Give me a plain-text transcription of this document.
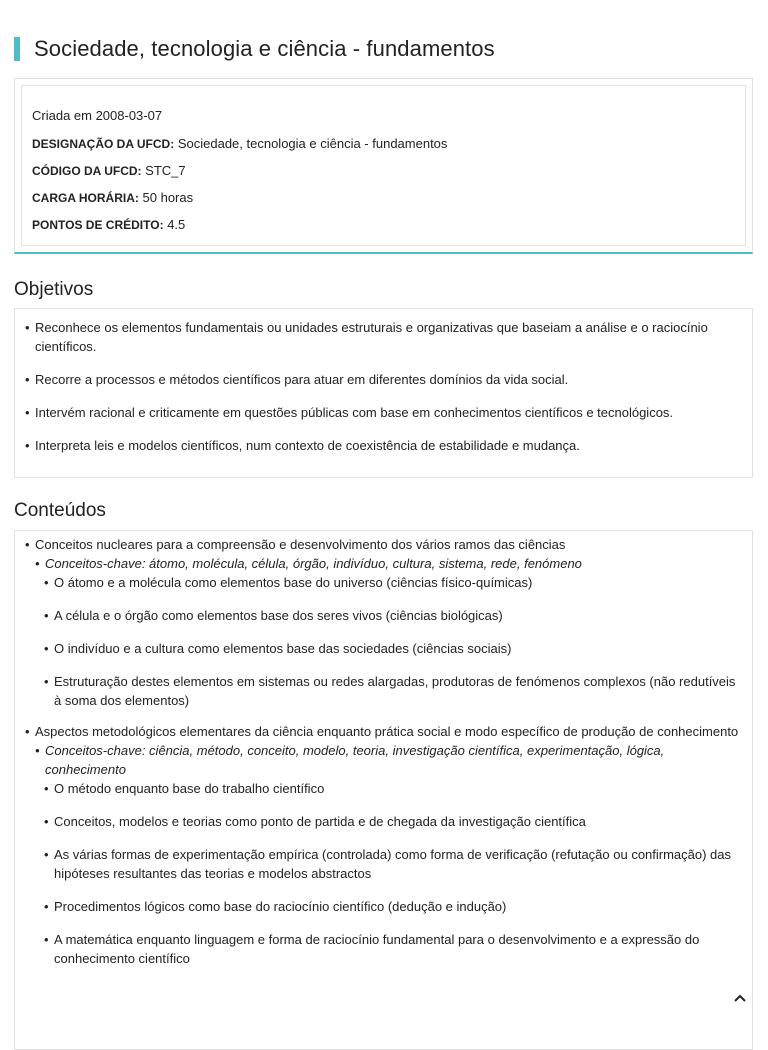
Sociedade, tecnologia e ciência - fundamentos
Criada em 2008-03-07
DESIGNAÇÃO DA UFCD: Sociedade, tecnologia e ciência - fundamentos
CÓDIGO DA UFCD: STC_7
CARGA HORÁRIA: 50 horas
PONTOS DE CRÉDITO: 4.5
Objetivos
• Reconhece os elementos fundamentais ou unidades estruturais e organizativas que baseiam a análise e o raciocínio científicos.
• Recorre a processos e métodos científicos para atuar em diferentes domínios da vida social.
• Intervém racional e criticamente em questões públicas com base em conhecimentos científicos e tecnológicos.
• Interpreta leis e modelos científicos, num contexto de coexistência de estabilidade e mudança.
Conteúdos
• Conceitos nucleares para a compreensão e desenvolvimento dos vários ramos das ciências
• Conceitos-chave: átomo, molécula, célula, órgão, indivíduo, cultura, sistema, rede, fenómeno
• O átomo e a molécula como elementos base do universo (ciências físico-químicas)
• A célula e o órgão como elementos base dos seres vivos (ciências biológicas)
• O indivíduo e a cultura como elementos base das sociedades (ciências sociais)
• Estruturação destes elementos em sistemas ou redes alargadas, produtoras de fenómenos complexos (não redutíveis à soma dos elementos)
• Aspectos metodológicos elementares da ciência enquanto prática social e modo específico de produção de conhecimento
• Conceitos-chave: ciência, método, conceito, modelo, teoria, investigação científica, experimentação, lógica, conhecimento
• O método enquanto base do trabalho científico
• Conceitos, modelos e teorias como ponto de partida e de chegada da investigação científica
• As várias formas de experimentação empírica (controlada) como forma de verificação (refutação ou confirmação) das hipóteses resultantes das teorias e modelos abstractos
• Procedimentos lógicos como base do raciocínio científico (dedução e indução)
• A matemática enquanto linguagem e forma de raciocínio fundamental para o desenvolvimento e a expressão do conhecimento científico
